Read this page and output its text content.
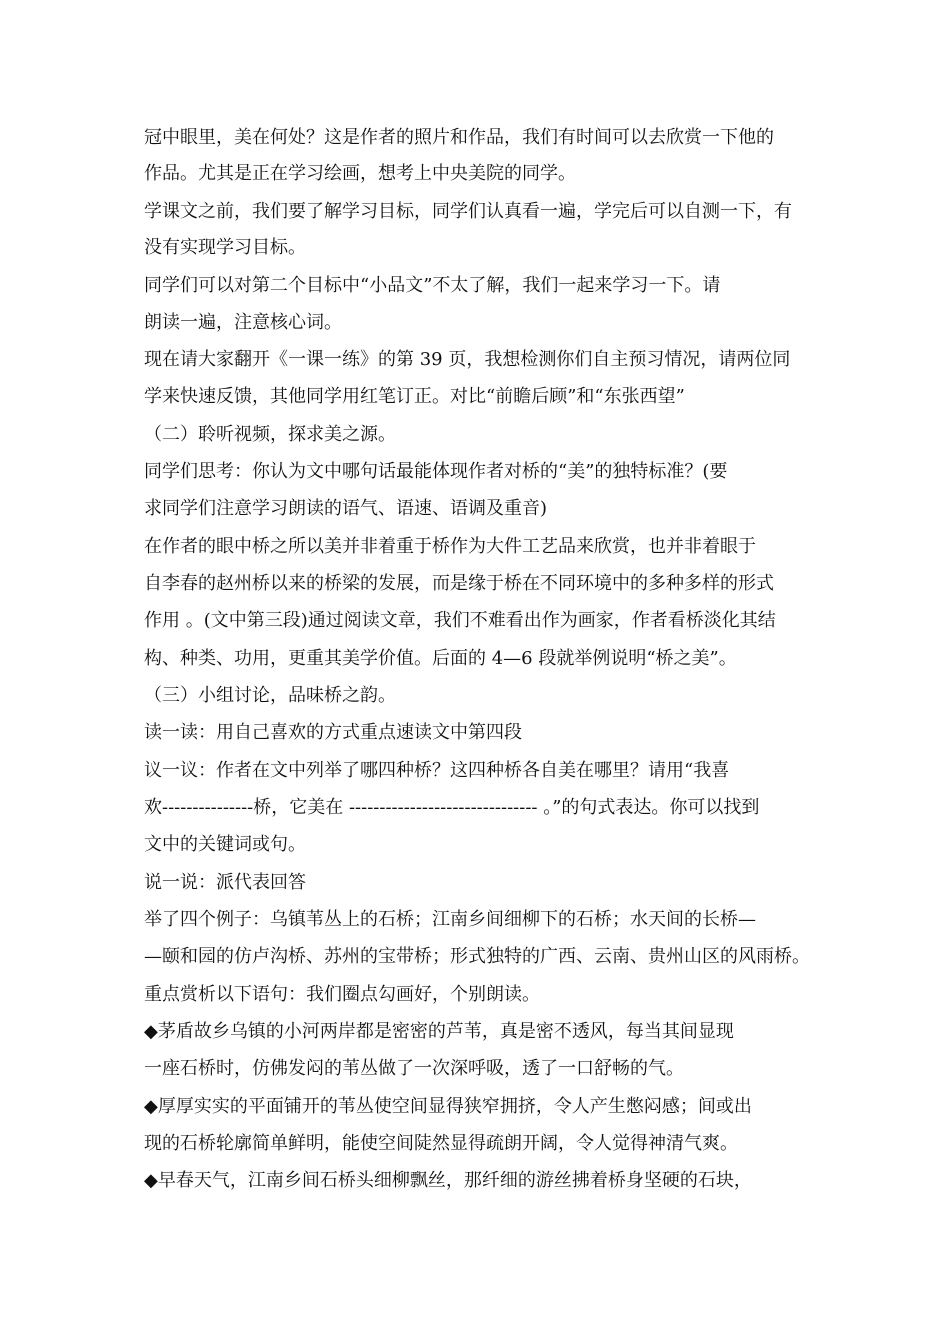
冠中眼里，美在何处？这是作者的照片和作品，我们有时间可以去欣赏一下他的
作品。尤其是正在学习绘画，想考上中央美院的同学。
学课文之前，我们要了解学习目标，同学们认真看一遍，学完后可以自测一下，有
没有实现学习目标。
同学们可以对第二个目标中“小品文”不太了解，我们一起来学习一下。请
朗读一遍，注意核心词。
现在请大家翻开《一课一练》的第 39 页，我想检测你们自主预习情况，请两位同
学来快速反馈，其他同学用红笔订正。对比“前瞻后顾”和“东张西望”
（二）聆听视频，探求美之源。
同学们思考：你认为文中哪句话最能体现作者对桥的“美”的独特标准？(要
求同学们注意学习朗读的语气、语速、语调及重音)
在作者的眼中桥之所以美并非着重于桥作为大件工艺品来欣赏，也并非着眼于
自李春的赵州桥以来的桥梁的发展，而是缘于桥在不同环境中的多种多样的形式
作用 。(文中第三段)通过阅读文章，我们不难看出作为画家，作者看桥淡化其结
构、种类、功用，更重其美学价值。后面的 4—6 段就举例说明“桥之美”。
（三）小组讨论，品味桥之韵。
读一读：用自己喜欢的方式重点速读文中第四段
议一议：作者在文中列举了哪四种桥？这四种桥各自美在哪里？请用“我喜
欢---------------桥，它美在 ------------------------------- 。”的句式表达。你可以找到
文中的关键词或句。
说一说：派代表回答
举了四个例子：乌镇苇丛上的石桥；江南乡间细柳下的石桥；水天间的长桥—
—颐和园的仿卢沟桥、苏州的宝带桥；形式独特的广西、云南、贵州山区的风雨桥。
重点赏析以下语句：我们圈点勾画好，个别朗读。
◆茅盾故乡乌镇的小河两岸都是密密的芦苇，真是密不透风，每当其间显现
一座石桥时，仿佛发闷的苇丛做了一次深呼吸，透了一口舒畅的气。
◆厚厚实实的平面铺开的苇丛使空间显得狭窄拥挤，令人产生憋闷感；间或出
现的石桥轮廓简单鲜明，能使空间陡然显得疏朗开阔，令人觉得神清气爽。
◆早春天气，江南乡间石桥头细柳飘丝，那纤细的游丝拂着桥身坚硬的石块，
